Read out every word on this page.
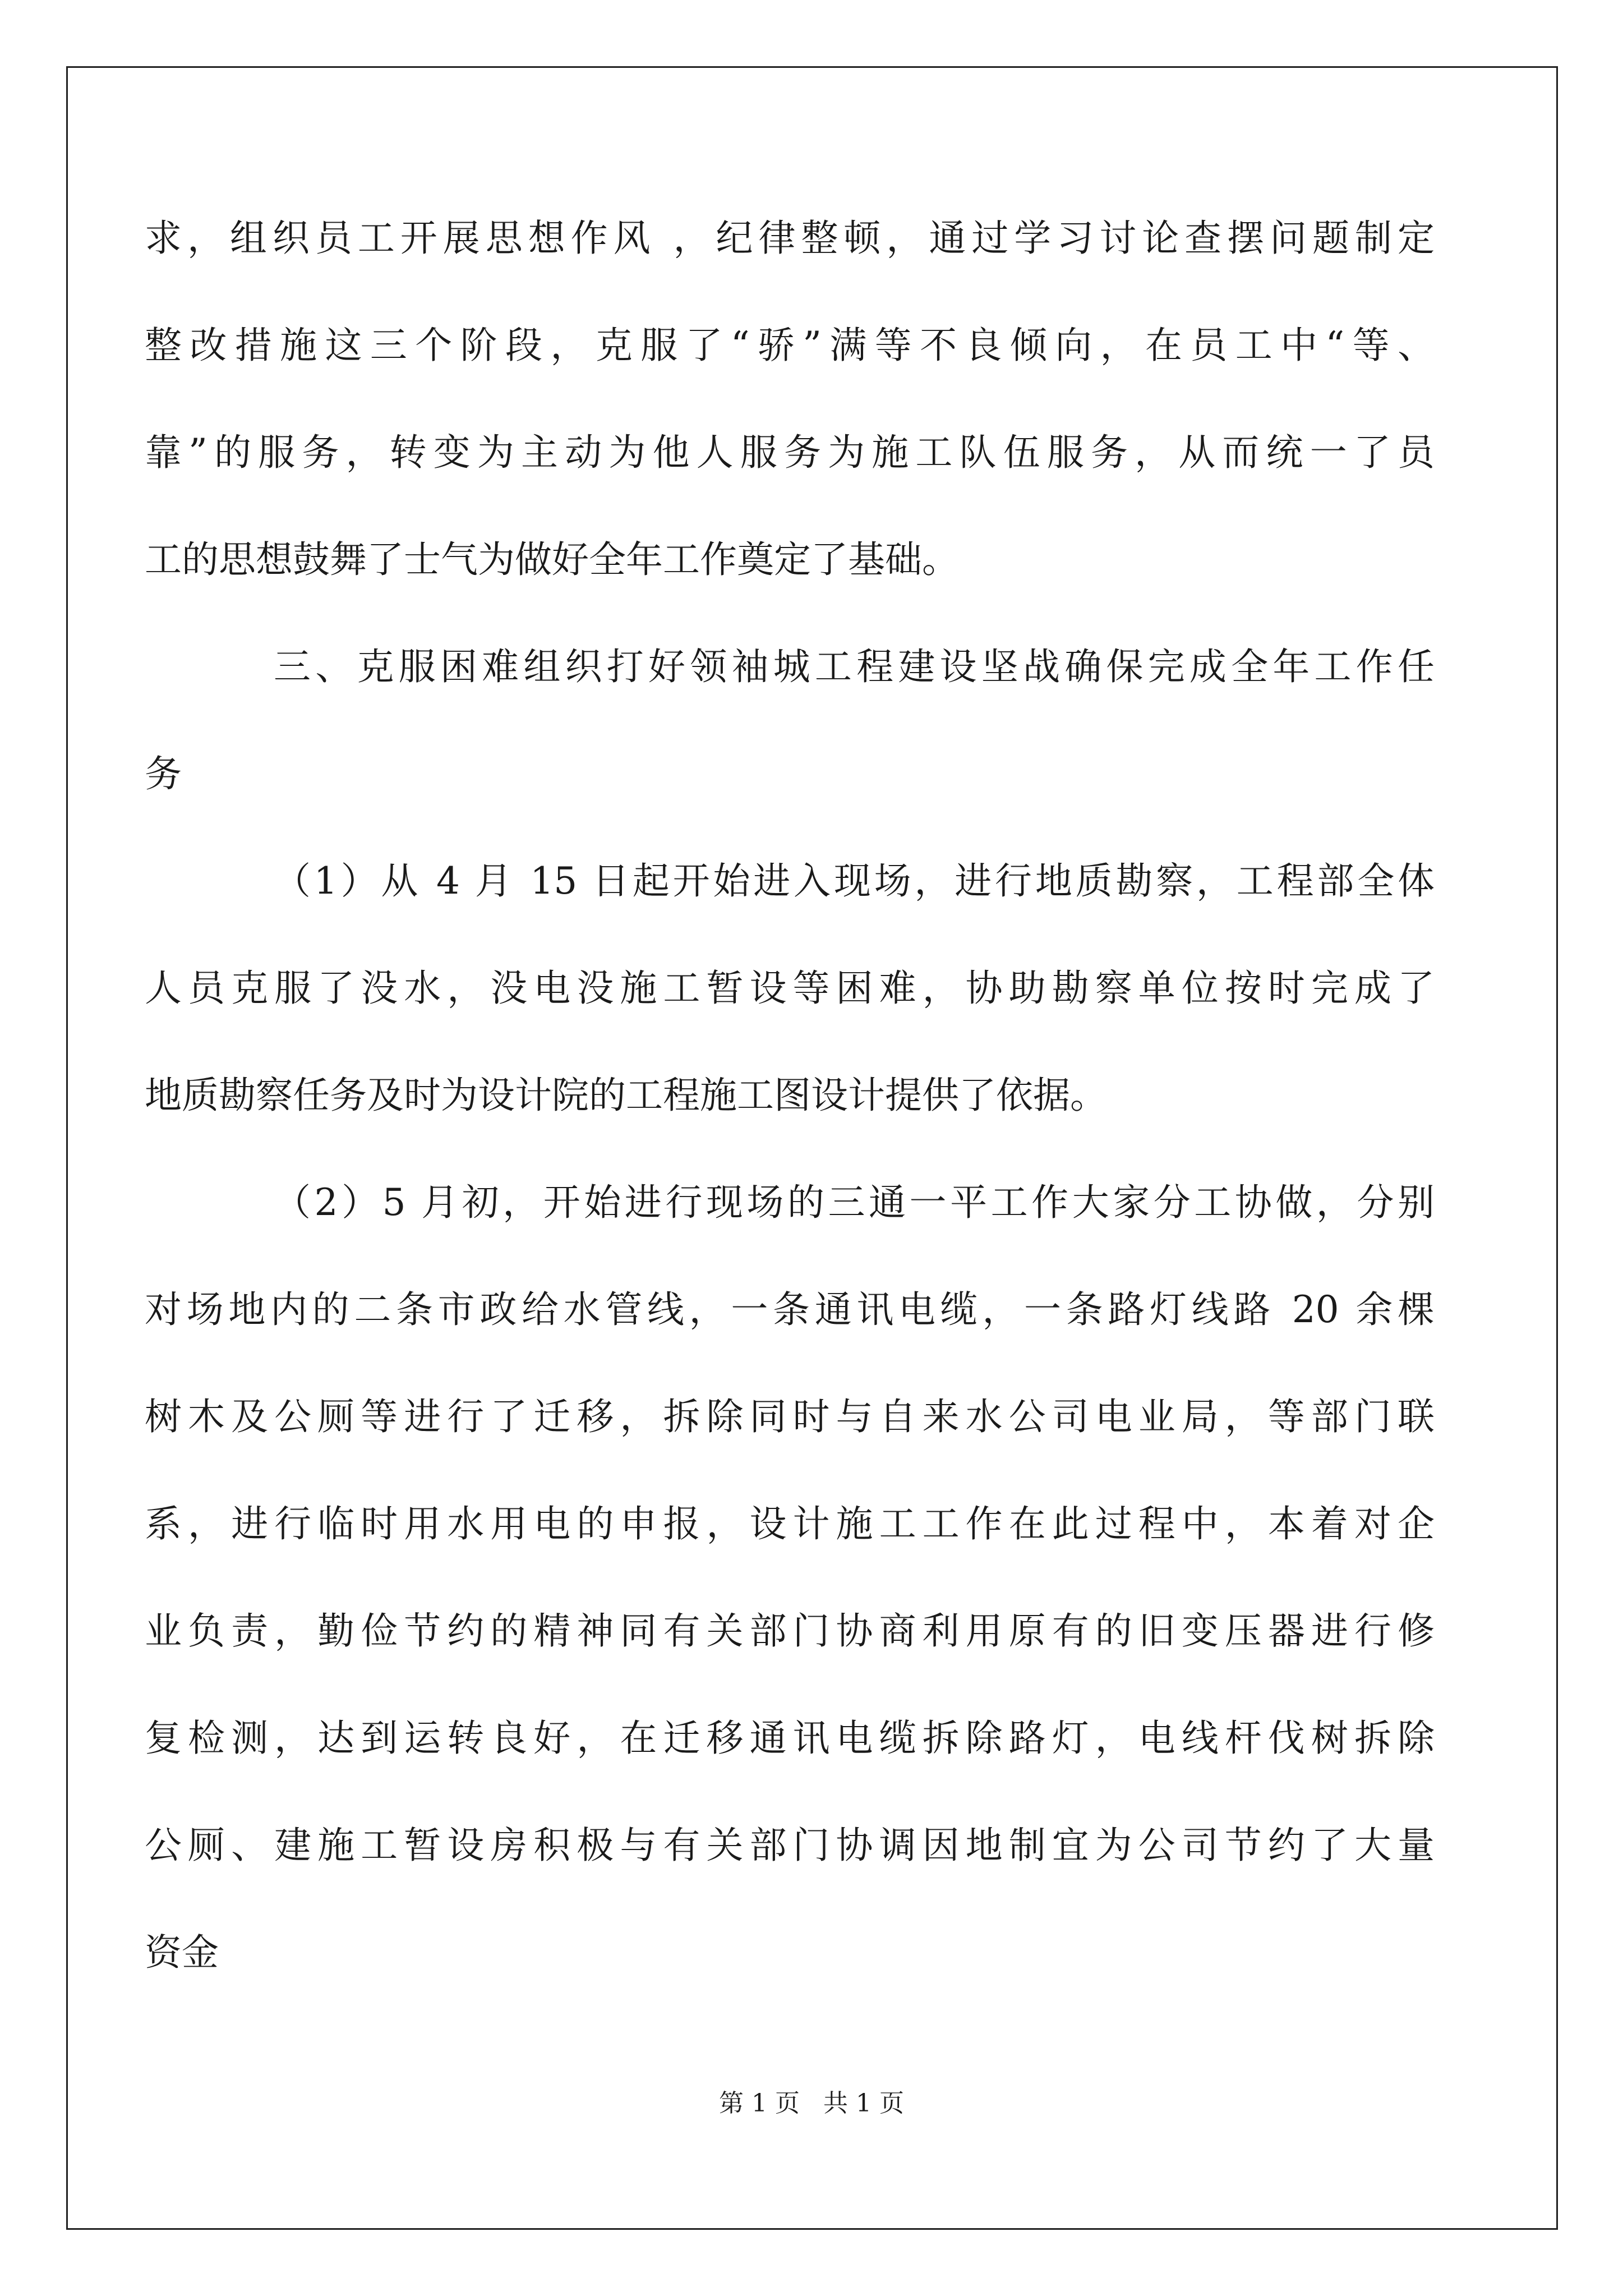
求，组织员工开展思想作风 ，纪律整顿，通过学习讨论查摆问题制定
整改措施这三个阶段，克服了“骄”满等不良倾向，在员工中“等、
靠”的服务，转变为主动为他人服务为施工队伍服务，从而统一了员
工的思想鼓舞了士气为做好全年工作奠定了基础。
三、克服困难组织打好领袖城工程建设坚战确保完成全年工作任
务
（1）从 4 月 15 日起开始进入现场，进行地质勘察，工程部全体
人员克服了没水，没电没施工暂设等困难，协助勘察单位按时完成了
地质勘察任务及时为设计院的工程施工图设计提供了依据。
（2）5 月初，开始进行现场的三通一平工作大家分工协做，分别
对场地内的二条市政给水管线，一条通讯电缆，一条路灯线路 20 余棵
树木及公厕等进行了迁移，拆除同时与自来水公司电业局，等部门联
系，进行临时用水用电的申报，设计施工工作在此过程中，本着对企
业负责，勤俭节约的精神同有关部门协商利用原有的旧变压器进行修
复检测，达到运转良好，在迁移通讯电缆拆除路灯，电线杆伐树拆除
公厕、建施工暂设房积极与有关部门协调因地制宜为公司节约了大量
资金
第 1 页   共 1 页
